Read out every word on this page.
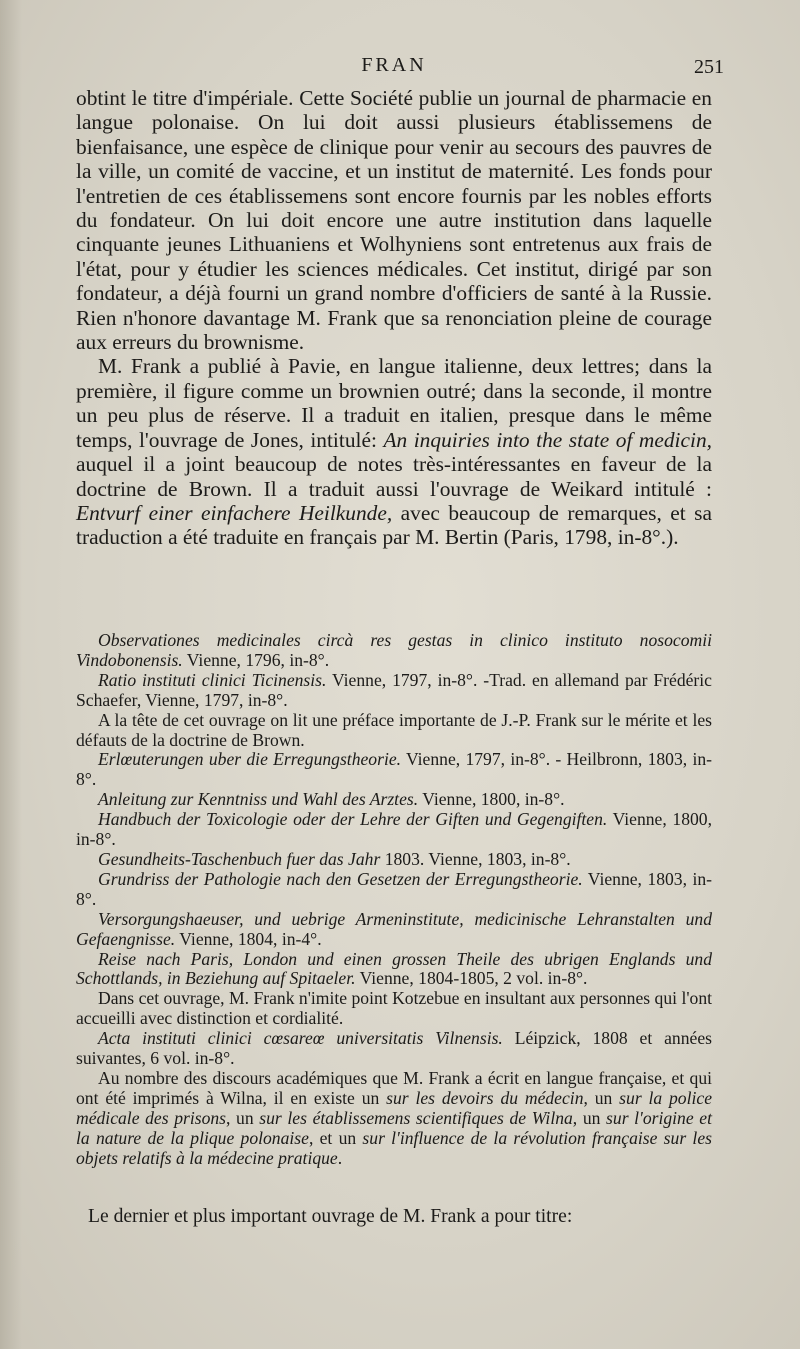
FRAN	251

obtint le titre d'impériale. Cette Société publie un journal de pharmacie en langue polonaise. On lui doit aussi plusieurs établissemens de bienfaisance, une espèce de clinique pour venir au secours des pauvres de la ville, un comité de vaccine, et un institut de maternité. Les fonds pour l'entretien de ces établissemens sont encore fournis par les nobles efforts du fondateur. On lui doit encore une autre institution dans laquelle cinquante jeunes Lithuaniens et Wolhyniens sont entretenus aux frais de l'état, pour y étudier les sciences médicales. Cet institut, dirigé par son fondateur, a déjà fourni un grand nombre d'officiers de santé à la Russie. Rien n'honore davantage M. Frank que sa renonciation pleine de courage aux erreurs du brownisme.

M. Frank a publié à Pavie, en langue italienne, deux lettres; dans la première, il figure comme un brownien outré; dans la seconde, il montre un peu plus de réserve. Il a traduit en italien, presque dans le même temps, l'ouvrage de Jones, intitulé: An inquiries into the state of medicin, auquel il a joint beaucoup de notes très-intéressantes en faveur de la doctrine de Brown. Il a traduit aussi l'ouvrage de Weikard intitulé : Entvurf einer einfachere Heilkunde, avec beaucoup de remarques, et sa traduction a été traduite en français par M. Bertin (Paris, 1798, in-8°.).

Observationes medicinales circà res gestas in clinico instituto nosocomii Vindobonensis. Vienne, 1796, in-8°.

Ratio instituti clinici Ticinensis. Vienne, 1797, in-8°. -Trad. en allemand par Frédéric Schaefer, Vienne, 1797, in-8°.

A la tête de cet ouvrage on lit une préface importante de J.-P. Frank sur le mérite et les défauts de la doctrine de Brown.

Erlœuterungen uber die Erregungstheorie. Vienne, 1797, in-8°. - Heilbronn, 1803, in-8°.

Anleitung zur Kenntniss und Wahl des Arztes. Vienne, 1800, in-8°.

Handbuch der Toxicologie oder der Lehre der Giften und Gegengiften. Vienne, 1800, in-8°.

Gesundheits-Taschenbuch fuer das Jahr 1803. Vienne, 1803, in-8°.

Grundriss der Pathologie nach den Gesetzen der Erregungstheorie. Vienne, 1803, in-8°.

Versorgungshaeuser, und uebrige Armeninstitute, medicinische Lehranstalten und Gefaengnisse. Vienne, 1804, in-4°.

Reise nach Paris, London und einen grossen Theile des ubrigen Englands und Schottlands, in Beziehung auf Spitaeler. Vienne, 1804-1805, 2 vol. in-8°.

Dans cet ouvrage, M. Frank n'imite point Kotzebue en insultant aux personnes qui l'ont accueilli avec distinction et cordialité.

Acta instituti clinici cœsareœ universitatis Vilnensis. Léipzick, 1808 et années suivantes, 6 vol. in-8°.

Au nombre des discours académiques que M. Frank a écrit en langue française, et qui ont été imprimés à Wilna, il en existe un sur les devoirs du médecin, un sur la police médicale des prisons, un sur les établissemens scientifiques de Wilna, un sur l'origine et la nature de la plique polonaise, et un sur l'influence de la révolution française sur les objets relatifs à la médecine pratique.

Le dernier et plus important ouvrage de M. Frank a pour titre:
